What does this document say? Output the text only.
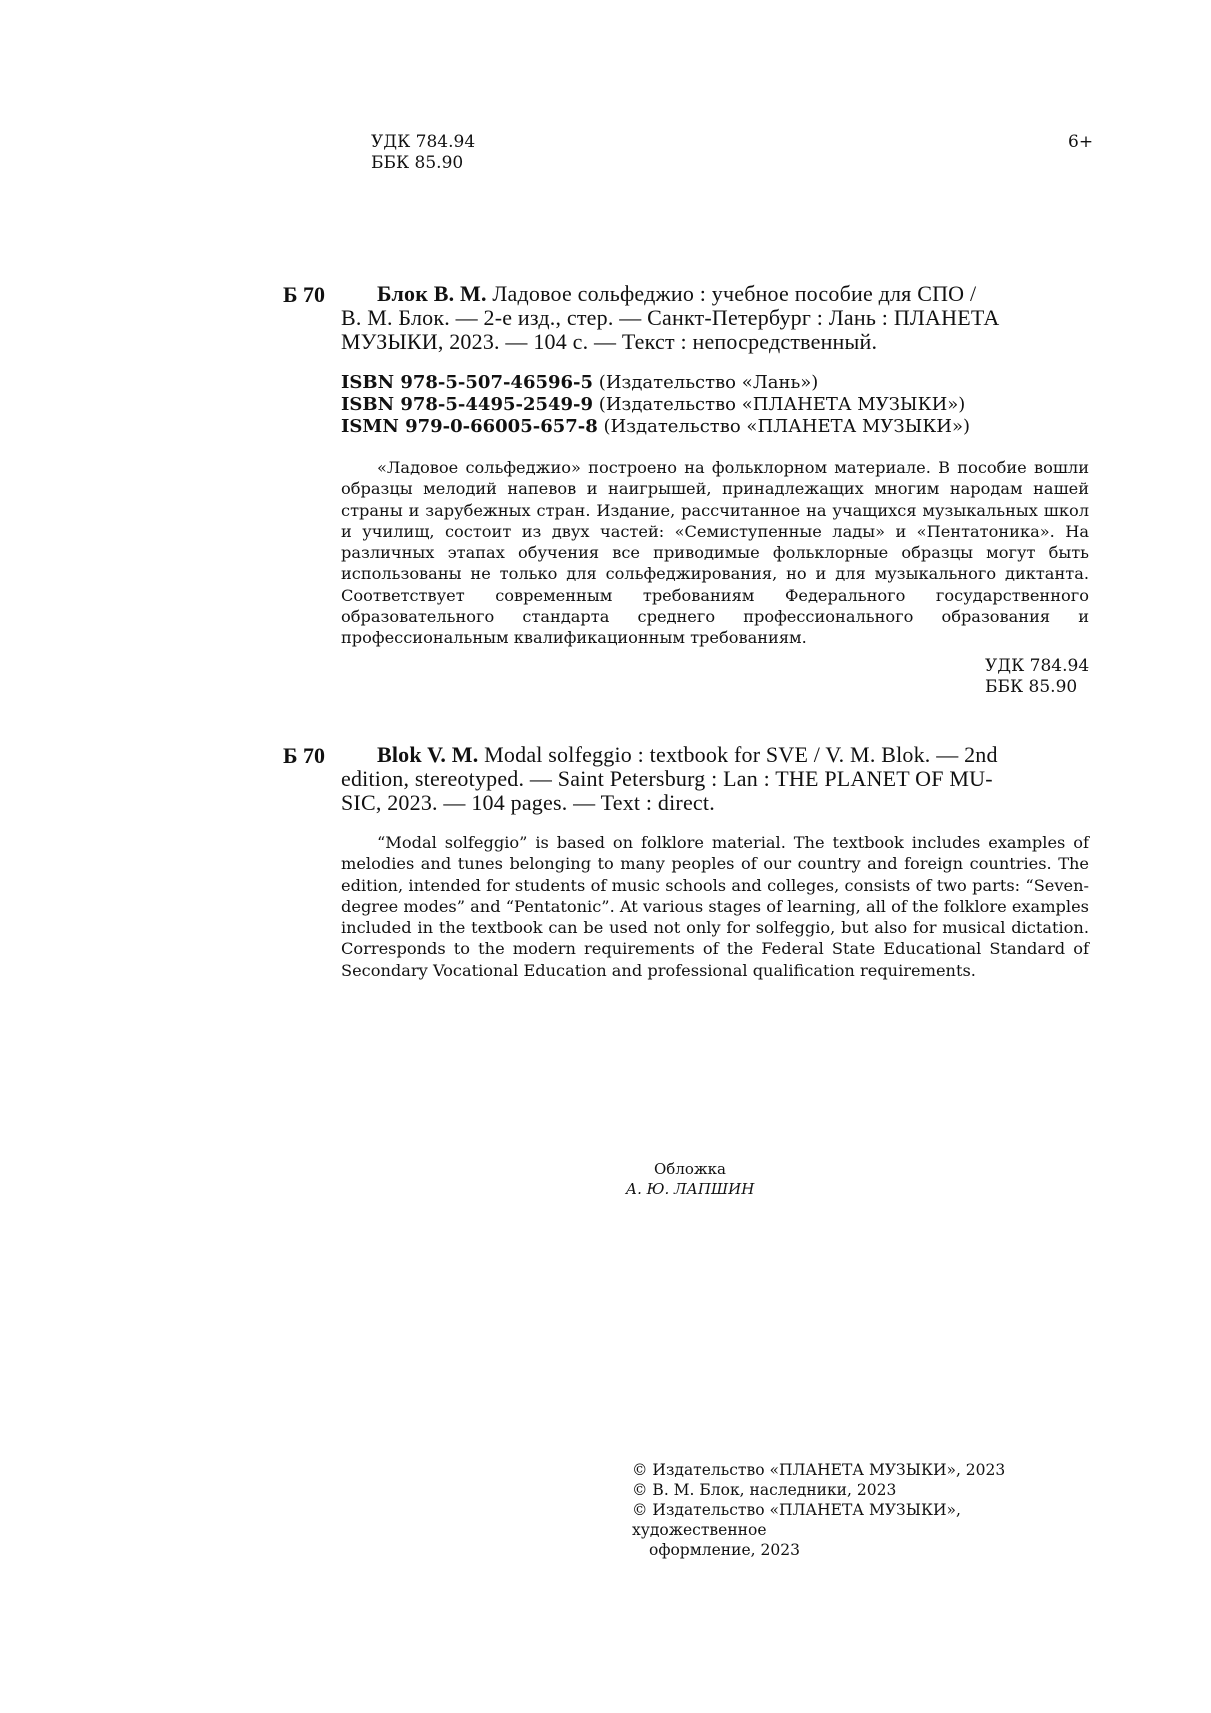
УДК 784.94
ББК 85.90
6+
Б 70	Блок В. М. Ладовое сольфеджио : учебное пособие для СПО /
В. М. Блок. — 2-е изд., стер. — Санкт-Петербург : Лань : ПЛАНЕТА
МУЗЫКИ, 2023. — 104 с. — Текст : непосредственный.
ISBN 978-5-507-46596-5 (Издательство «Лань»)
ISBN 978-5-4495-2549-9 (Издательство «ПЛАНЕТА МУЗЫКИ»)
ISMN 979-0-66005-657-8 (Издательство «ПЛАНЕТА МУЗЫКИ»)
«Ладовое сольфеджио» построено на фольклорном материале. В пособие вошли образцы мелодий напевов и наигрышей, принадлежащих многим народам нашей страны и зарубежных стран. Издание, рассчитанное на учащихся музыкальных школ и училищ, состоит из двух частей: «Семиступенные лады» и «Пентатоника». На различных этапах обучения все приводимые фольклорные образцы могут быть использованы не только для сольфеджирования, но и для музыкального диктанта. Соответствует современным требованиям Федерального государственного образовательного стандарта среднего профессионального образования и профессиональным квалификационным требованиям.
УДК 784.94
ББК 85.90
Б 70	Blok V. M. Modal solfeggio : textbook for SVE / V. M. Blok. — 2nd
edition, stereotyped. — Saint Petersburg : Lan : THE PLANET OF MU-
SIC, 2023. — 104 pages. — Text : direct.
“Modal solfeggio” is based on folklore material. The textbook includes examples of melodies and tunes belonging to many peoples of our country and foreign countries. The edition, intended for students of music schools and colleges, consists of two parts: “Seven-degree modes” and “Pentatonic”. At various stages of learning, all of the folklore examples included in the textbook can be used not only for solfeggio, but also for musical dictation. Corresponds to the modern requirements of the Federal State Educational Standard of Secondary Vocational Education and professional qualification requirements.
Обложка
А. Ю. ЛАПШИН
© Издательство «ПЛАНЕТА МУЗЫКИ», 2023
© В. М. Блок, наследники, 2023
© Издательство «ПЛАНЕТА МУЗЫКИ», художественное
оформление, 2023
